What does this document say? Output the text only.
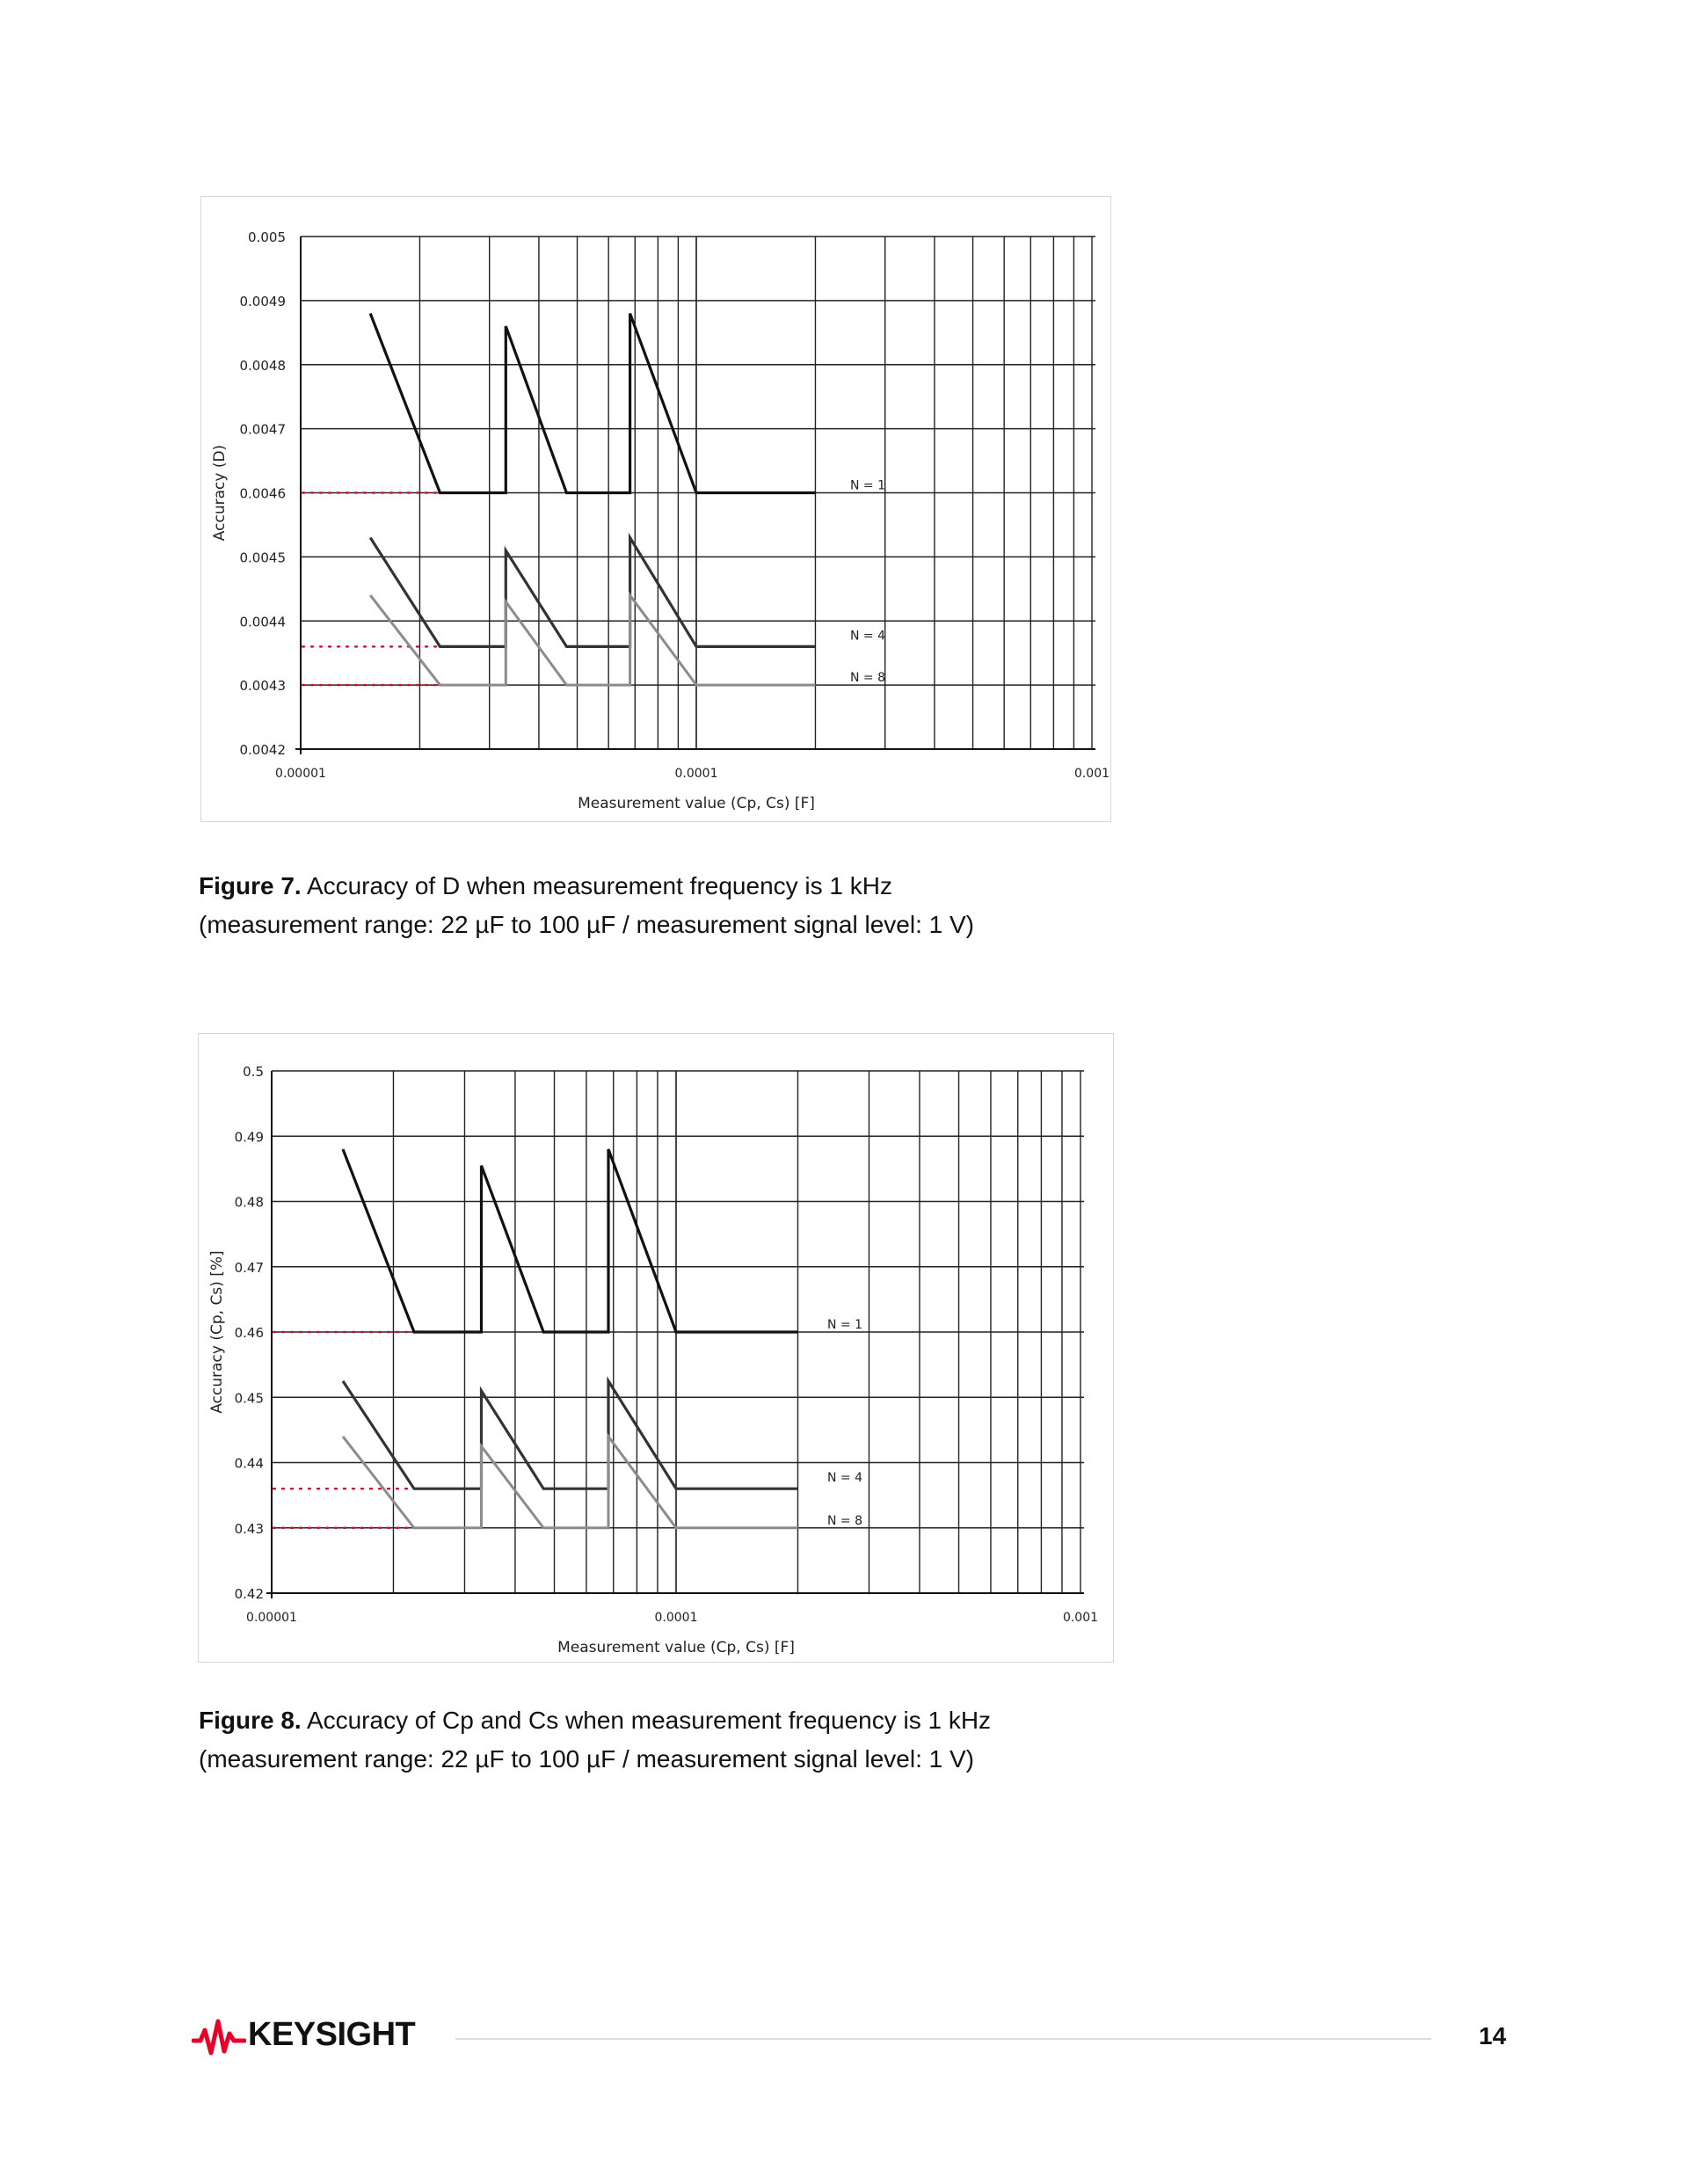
0.005
0.0049
0.0048
0.0047
0.0046
0.0045
0.0044
0.0043
0.0042
0.00001	0.0001	0.001
Measurement value (Cp, Cs) [F]
Accuracy (D)	N = 1
N = 4
N = 8
Figure 7. Accuracy of D when measurement frequency is 1 kHz
(measurement range: 22 µF to 100 µF / measurement signal level: 1 V)
0.5
0.49
0.48
0.47
0.46
0.45
0.44
0.43
0.42
0.00001	0.0001	0.001
Measurement value (Cp, Cs) [F]
Accuracy (Cp, Cs) [%]	N = 1
N = 4
N = 8
Figure 8. Accuracy of Cp and Cs when measurement frequency is 1 kHz
(measurement range: 22 µF to 100 µF / measurement signal level: 1 V)
KEYSIGHT	14
